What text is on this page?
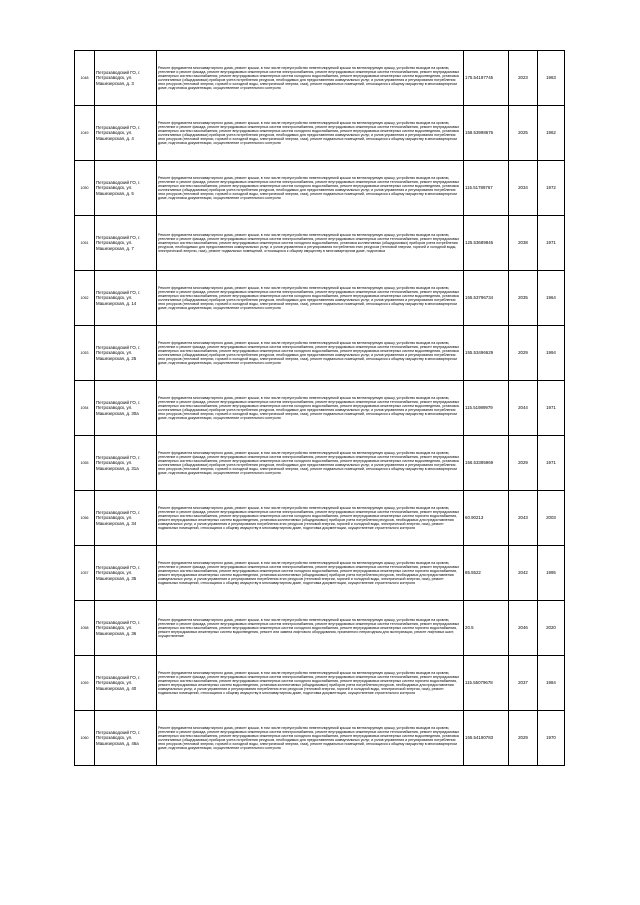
1048	Петрозаводский ГО, г. Петрозаводск, ул. Машезерская, д. 3	Ремонт фундамента многоквартирного дома, ремонт крыши, в том числе переустройство невентилируемой крыши на вентилируемую крышу, устройство выходов на кровлю, утепление и ремонт фасада, ремонт внутридомовых инженерных систем электроснабжения, ремонт внутридомовых инженерных систем теплоснабжения, ремонт внутридомовых инженерных систем газоснабжения, ремонт внутридомовых инженерных систем холодного водоснабжения, ремонт внутридомовых инженерных систем водоотведения, установка коллективных (общедомовых) приборов учета потребления ресурсов, необходимых для предоставления коммунальных услуг, и узлов управления и регулирования потребления этих ресурсов (тепловой энергии, горячей и холодной воды, электрической энергии, газа), ремонт подвальных помещений, относящихся к общему имуществу в многоквартирном доме, подготовка документации, осуществление строительного контроля	175.54197745	2023	1963
1049	Петрозаводский ГО, г. Петрозаводск, ул. Машезерская, д. 4	Ремонт фундамента многоквартирного дома, ремонт крыши, в том числе переустройство невентилируемой крыши на вентилируемую крышу, устройство выходов на кровлю, утепление и ремонт фасада, ремонт внутридомовых инженерных систем электроснабжения, ремонт внутридомовых инженерных систем теплоснабжения, ремонт внутридомовых инженерных систем газоснабжения, ремонт внутридомовых инженерных систем холодного водоснабжения, ремонт внутридомовых инженерных систем водоотведения, установка коллективных (общедомовых) приборов учета потребления ресурсов, необходимых для предоставления коммунальных услуг, и узлов управления и регулирования потребления этих ресурсов (тепловой энергии, горячей и холодной воды, электрической энергии, газа), ремонт подвальных помещений, относящихся к общему имуществу в многоквартирном доме, подготовка документации, осуществление строительного контроля	158.53998676	2025	1962
1050	Петрозаводский ГО, г. Петрозаводск, ул. Машезерская, д. 5	Ремонт фундамента многоквартирного дома, ремонт крыши, в том числе переустройство невентилируемой крыши на вентилируемую крышу, устройство выходов на кровлю, утепление и ремонт фасада, ремонт внутридомовых инженерных систем электроснабжения, ремонт внутридомовых инженерных систем теплоснабжения, ремонт внутридомовых инженерных систем газоснабжения, ремонт внутридомовых инженерных систем холодного водоснабжения, ремонт внутридомовых инженерных систем водоотведения, установка коллективных (общедомовых) приборов учета потребления ресурсов, необходимых для предоставления коммунальных услуг, и узлов управления и регулирования потребления этих ресурсов (тепловой энергии, горячей и холодной воды, электрической энергии, газа), ремонт подвальных помещений, относящихся к общему имуществу в многоквартирном доме, подготовка документации, осуществление строительного контроля	115.51788767	2034	1972
1051	Петрозаводский ГО, г. Петрозаводск, ул. Машезерская, д. 7	Ремонт фундамента многоквартирного дома, ремонт крыши, в том числе переустройство невентилируемой крыши на вентилируемую крышу, устройство выходов на кровлю, утепление и ремонт фасада, ремонт внутридомовых инженерных систем электроснабжения, ремонт внутридомовых инженерных систем теплоснабжения, ремонт внутридомовых инженерных систем газоснабжения, ремонт внутридомовых инженерных систем холодного водоснабжения, установка коллективных (общедомовых) приборов учета потребления ресурсов, необходимых для предоставления коммунальных услуг, и узлов управления и регулирования потребления этих ресурсов (тепловой энергии, горячей и холодной воды, электрической энергии, газа), ремонт подвальных помещений, относящихся к общему имуществу в многоквартирном доме, подготовка	125.53689846	2038	1971
1052	Петрозаводский ГО, г. Петрозаводск, ул. Машезерская, д. 14	Ремонт фундамента многоквартирного дома, ремонт крыши, в том числе переустройство невентилируемой крыши на вентилируемую крышу, устройство выходов на кровлю, утепление и ремонт фасада, ремонт внутридомовых инженерных систем электроснабжения, ремонт внутридомовых инженерных систем теплоснабжения, ремонт внутридомовых инженерных систем газоснабжения, ремонт внутридомовых инженерных систем холодного водоснабжения, ремонт внутридомовых инженерных систем водоотведения, установка коллективных (общедомовых) приборов учета потребления ресурсов, необходимых для предоставления коммунальных услуг, и узлов управления и регулирования потребления этих ресурсов (тепловой энергии, горячей и холодной воды, электрической энергии, газа), ремонт подвальных помещений, относящихся к общему имуществу в многоквартирном доме, подготовка документации, осуществление строительного контроля	155.53796734	2035	1964
1053	Петрозаводский ГО, г. Петрозаводск, ул. Машезерская, д. 25	Ремонт фундамента многоквартирного дома, ремонт крыши, в том числе переустройство невентилируемой крыши на вентилируемую крышу, устройство выходов на кровлю, утепление и ремонт фасада, ремонт внутридомовых инженерных систем электроснабжения, ремонт внутридомовых инженерных систем теплоснабжения, ремонт внутридомовых инженерных систем газоснабжения, ремонт внутридомовых инженерных систем холодного водоснабжения, ремонт внутридомовых инженерных систем водоотведения, установка коллективных (общедомовых) приборов учета потребления ресурсов, необходимых для предоставления коммунальных услуг, и узлов управления и регулирования потребления этих ресурсов (тепловой энергии, горячей и холодной воды, электрической энергии, газа), ремонт подвальных помещений, относящихся к общему имуществу в многоквартирном доме, подготовка документации, осуществление строительного контроля	155.53496629	2029	1994
1054	Петрозаводский ГО, г. Петрозаводск, ул. Машезерская, д. 30а	Ремонт фундамента многоквартирного дома, ремонт крыши, в том числе переустройство невентилируемой крыши на вентилируемую крышу, устройство выходов на кровлю, утепление и ремонт фасада, ремонт внутридомовых инженерных систем электроснабжения, ремонт внутридомовых инженерных систем теплоснабжения, ремонт внутридомовых инженерных систем газоснабжения, ремонт внутридомовых инженерных систем холодного водоснабжения, ремонт внутридомовых инженерных систем водоотведения, установка коллективных (общедомовых) приборов учета потребления ресурсов, необходимых для предоставления коммунальных услуг, и узлов управления и регулирования потребления этих ресурсов (тепловой энергии, горячей и холодной воды, электрической энергии, газа), ремонт подвальных помещений, относящихся к общему имуществу в многоквартирном доме, подготовка документации, осуществление строительного контроля	115.51989979	2044	1971
1055	Петрозаводский ГО, г. Петрозаводск, ул. Машезерская, д. 31а	Ремонт фундамента многоквартирного дома, ремонт крыши, в том числе переустройство невентилируемой крыши на вентилируемую крышу, устройство выходов на кровлю, утепление и ремонт фасада, ремонт внутридомовых инженерных систем электроснабжения, ремонт внутридомовых инженерных систем теплоснабжения, ремонт внутридомовых инженерных систем газоснабжения, ремонт внутридомовых инженерных систем холодного водоснабжения, ремонт внутридомовых инженерных систем водоотведения, установка коллективных (общедомовых) приборов учета потребления ресурсов, необходимых для предоставления коммунальных услуг, и узлов управления и регулирования потребления этих ресурсов (тепловой энергии, горячей и холодной воды, электрической энергии, газа), ремонт подвальных помещений, относящихся к общему имуществу в многоквартирном доме, подготовка документации, осуществление строительного контроля	156.53395969	2029	1971
1056	Петрозаводский ГО, г. Петрозаводск, ул. Машезерская, д. 34	Ремонт фундамента многоквартирного дома, ремонт крыши, в том числе переустройство невентилируемой крыши на вентилируемую крышу, устройство выходов на кровлю, утепление и ремонт фасада, ремонт внутридомовых инженерных систем электроснабжения, ремонт внутридомовых инженерных систем теплоснабжения, ремонт внутридомовых инженерных систем газоснабжения, ремонт внутридомовых инженерных систем холодного водоснабжения, ремонт внутридомовых инженерных систем горячего водоснабжения, ремонт внутридомовых инженерных систем водоотведения, установка коллективных (общедомовых) приборов учета потребления ресурсов, необходимых для предоставления коммунальных услуг, и узлов управления и регулирования потребления этих ресурсов (тепловой энергии, горячей и холодной воды, электрической энергии, газа), ремонт подвальных помещений, относящихся к общему имуществу в многоквартирном доме, подготовка документации, осуществление строительного контроля	60.90213	2043	2003
1057	Петрозаводский ГО, г. Петрозаводск, ул. Машезерская, д. 35	Ремонт фундамента многоквартирного дома, ремонт крыши, в том числе переустройство невентилируемой крыши на вентилируемую крышу, устройство выходов на кровлю, утепление и ремонт фасада, ремонт внутридомовых инженерных систем электроснабжения, ремонт внутридомовых инженерных систем теплоснабжения, ремонт внутридомовых инженерных систем газоснабжения, ремонт внутридомовых инженерных систем холодного водоснабжения, ремонт внутридомовых инженерных систем горячего водоснабжения, ремонт внутридомовых инженерных систем водоотведения, установка коллективных (общедомовых) приборов учета потребления ресурсов, необходимых для предоставления коммунальных услуг, и узлов управления и регулирования потребления этих ресурсов (тепловой энергии, горячей и холодной воды, электрической энергии, газа), ремонт подвальных помещений, относящихся к общему имуществу в многоквартирном доме, подготовка документации, осуществление строительного контроля	85.5522	2042	1995
1058	Петрозаводский ГО, г. Петрозаводск, ул. Машезерская, д. 36	Ремонт фундамента многоквартирного дома, ремонт крыши, в том числе переустройство невентилируемой крыши на вентилируемую крышу, устройство выходов на кровлю, утепление и ремонт фасада, ремонт внутридомовых инженерных систем электроснабжения, ремонт внутридомовых инженерных систем теплоснабжения, ремонт внутридомовых инженерных систем газоснабжения, ремонт внутридомовых инженерных систем холодного водоснабжения, ремонт внутридомовых инженерных систем горячего водоснабжения, ремонт внутридомовых инженерных систем водоотведения, ремонт или замена лифтового оборудования, признанного непригодным для эксплуатации, ремонт лифтовых шахт, осуществление	20.5	2046	2020
1059	Петрозаводский ГО, г. Петрозаводск, ул. Машезерская, д. 40	Ремонт фундамента многоквартирного дома, ремонт крыши, в том числе переустройство невентилируемой крыши на вентилируемую крышу, устройство выходов на кровлю, утепление и ремонт фасада, ремонт внутридомовых инженерных систем электроснабжения, ремонт внутридомовых инженерных систем теплоснабжения, ремонт внутридомовых инженерных систем газоснабжения, ремонт внутридомовых инженерных систем холодного водоснабжения, ремонт внутридомовых инженерных систем горячего водоснабжения, ремонт внутридомовых инженерных систем водоотведения, установка коллективных (общедомовых) приборов учета потребления ресурсов, необходимых для предоставления коммунальных услуг, и узлов управления и регулирования потребления этих ресурсов (тепловой энергии, горячей и холодной воды, электрической энергии, газа), ремонт подвальных помещений, относящихся к общему имуществу в многоквартирном доме, подготовка документации, осуществление строительного контроля	115.55079678	2037	1984
1060	Петрозаводский ГО, г. Петрозаводск, ул. Машезерская, д. 46а	Ремонт фундамента многоквартирного дома, ремонт крыши, в том числе переустройство невентилируемой крыши на вентилируемую крышу, устройство выходов на кровлю, утепление и ремонт фасада, ремонт внутридомовых инженерных систем электроснабжения, ремонт внутридомовых инженерных систем теплоснабжения, ремонт внутридомовых инженерных систем газоснабжения, ремонт внутридомовых инженерных систем холодного водоснабжения, ремонт внутридомовых инженерных систем водоотведения, установка коллективных (общедомовых) приборов учета потребления ресурсов, необходимых для предоставления коммунальных услуг, и узлов управления и регулирования потребления этих ресурсов (тепловой энергии, горячей и холодной воды, электрической энергии, газа), ремонт подвальных помещений, относящихся к общему имуществу в многоквартирном доме, подготовка документации, осуществление строительного контроля	155.54190783	2029	1970
